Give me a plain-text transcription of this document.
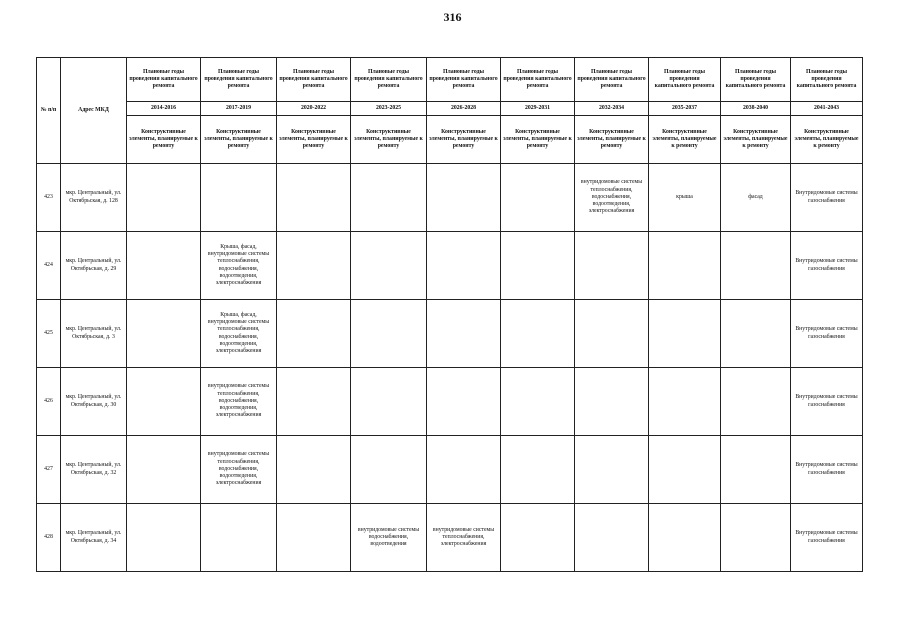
316
№ п/п	Адрес МКД	Плановые годы проведения капитального ремонта	Плановые годы проведения капитального ремонта	Плановые годы проведения капитального ремонта	Плановые годы проведения капитального ремонта	Плановые годы проведения капитального ремонта	Плановые годы проведения капитального ремонта	Плановые годы проведения капитального ремонта	Плановые годы проведения капитального ремонта	Плановые годы проведения капитального ремонта	Плановые годы проведения капитального ремонта
		2014-2016	2017-2019	2020-2022	2023-2025	2026-2028	2029-2031	2032-2034	2035-2037	2038-2040	2041-2043
		Конструктивные элементы, планируемые к ремонту	Конструктивные элементы, планируемые к ремонту	Конструктивные элементы, планируемые к ремонту	Конструктивные элементы, планируемые к ремонту	Конструктивные элементы, планируемые к ремонту	Конструктивные элементы, планируемые к ремонту	Конструктивные элементы, планируемые к ремонту	Конструктивные элементы, планируемые к ремонту	Конструктивные элементы, планируемые к ремонту	Конструктивные элементы, планируемые к ремонту
423	мкр. Центральный, ул. Октябрьская, д. 128							внутридомовые системы теплоснабжения, водоснабжения, водоотведения, электроснабжения	крыша	фасад	Внутридомовые системы газоснабжения
424	мкр. Центральный, ул. Октябрьская, д. 29		Крыша, фасад, внутридомовые системы теплоснабжения, водоснабжения, водоотведения, электроснабжения								Внутридомовые системы газоснабжения
425	мкр. Центральный, ул. Октябрьская, д. 3		Крыша, фасад, внутридомовые системы теплоснабжения, водоснабжения, водоотведения, электроснабжения								Внутридомовые системы газоснабжения
426	мкр. Центральный, ул. Октябрьская, д. 30		внутридомовые системы теплоснабжения, водоснабжения, водоотведения, электроснабжения								Внутридомовые системы газоснабжения
427	мкр. Центральный, ул. Октябрьская, д. 32		внутридомовые системы теплоснабжения, водоснабжения, водоотведения, электроснабжения								Внутридомовые системы газоснабжения
428	мкр. Центральный, ул. Октябрьская, д. 34				внутридомовые системы водоснабжения, водоотведения	внутридомовые системы теплоснабжения, электроснабжения					Внутридомовые системы газоснабжения
